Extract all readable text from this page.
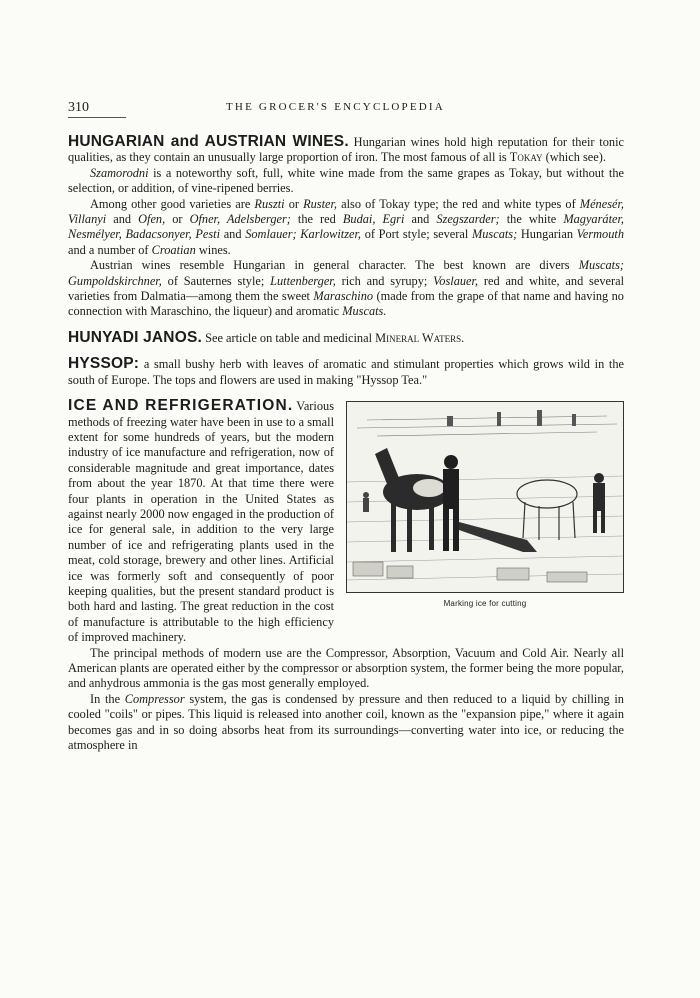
310	THE GROCER'S ENCYCLOPEDIA

HUNGARIAN and AUSTRIAN WINES. Hungarian wines hold high reputation for their tonic qualities, as they contain an unusually large proportion of iron. The most famous of all is Tokay (which see).

Szamorodni is a noteworthy soft, full, white wine made from the same grapes as Tokay, but without the selection, or addition, of vine-ripened berries.

Among other good varieties are Ruszti or Ruster, also of Tokay type; the red and white types of Ménesér, Villanyi and Ofen, or Ofner, Adelsberger; the red Budai, Egri and Szegszarder; the white Magyaráter, Nesmélyer, Badacsonyer, Pesti and Somlauer; Karlowitzer, of Port style; several Muscats; Hungarian Vermouth and a number of Croatian wines.

Austrian wines resemble Hungarian in general character. The best known are divers Muscats; Gumpoldskirchner, of Sauternes style; Luttenberger, rich and syrupy; Voslauer, red and white, and several varieties from Dalmatia—among them the sweet Maraschino (made from the grape of that name and having no connection with Maraschino, the liqueur) and aromatic Muscats.

HUNYADI JANOS. See article on table and medicinal Mineral Waters.

HYSSOP: a small bushy herb with leaves of aromatic and stimulant properties which grows wild in the south of Europe. The tops and flowers are used in making "Hyssop Tea."

Marking ice for cutting

ICE AND REFRIGERATION. Various methods of freezing water have been in use to a small extent for some hundreds of years, but the modern industry of ice manufacture and refrigeration, now of considerable magnitude and great importance, dates from about the year 1870. At that time there were four plants in operation in the United States as against nearly 2000 now engaged in the production of ice for general sale, in addition to the very large number of ice and refrigerating plants used in the meat, cold storage, brewery and other lines. Artificial ice was formerly soft and consequently of poor keeping qualities, but the present standard product is both hard and lasting. The great reduction in the cost of manufacture is attributable to the high efficiency of improved machinery.

The principal methods of modern use are the Compressor, Absorption, Vacuum and Cold Air. Nearly all American plants are operated either by the compressor or absorption system, the former being the more popular, and anhydrous ammonia is the gas most generally employed.

In the Compressor system, the gas is condensed by pressure and then reduced to a liquid by chilling in cooled "coils" or pipes. This liquid is released into another coil, known as the "expansion pipe," where it again becomes gas and in so doing absorbs heat from its surroundings—converting water into ice, or reducing the atmosphere in
